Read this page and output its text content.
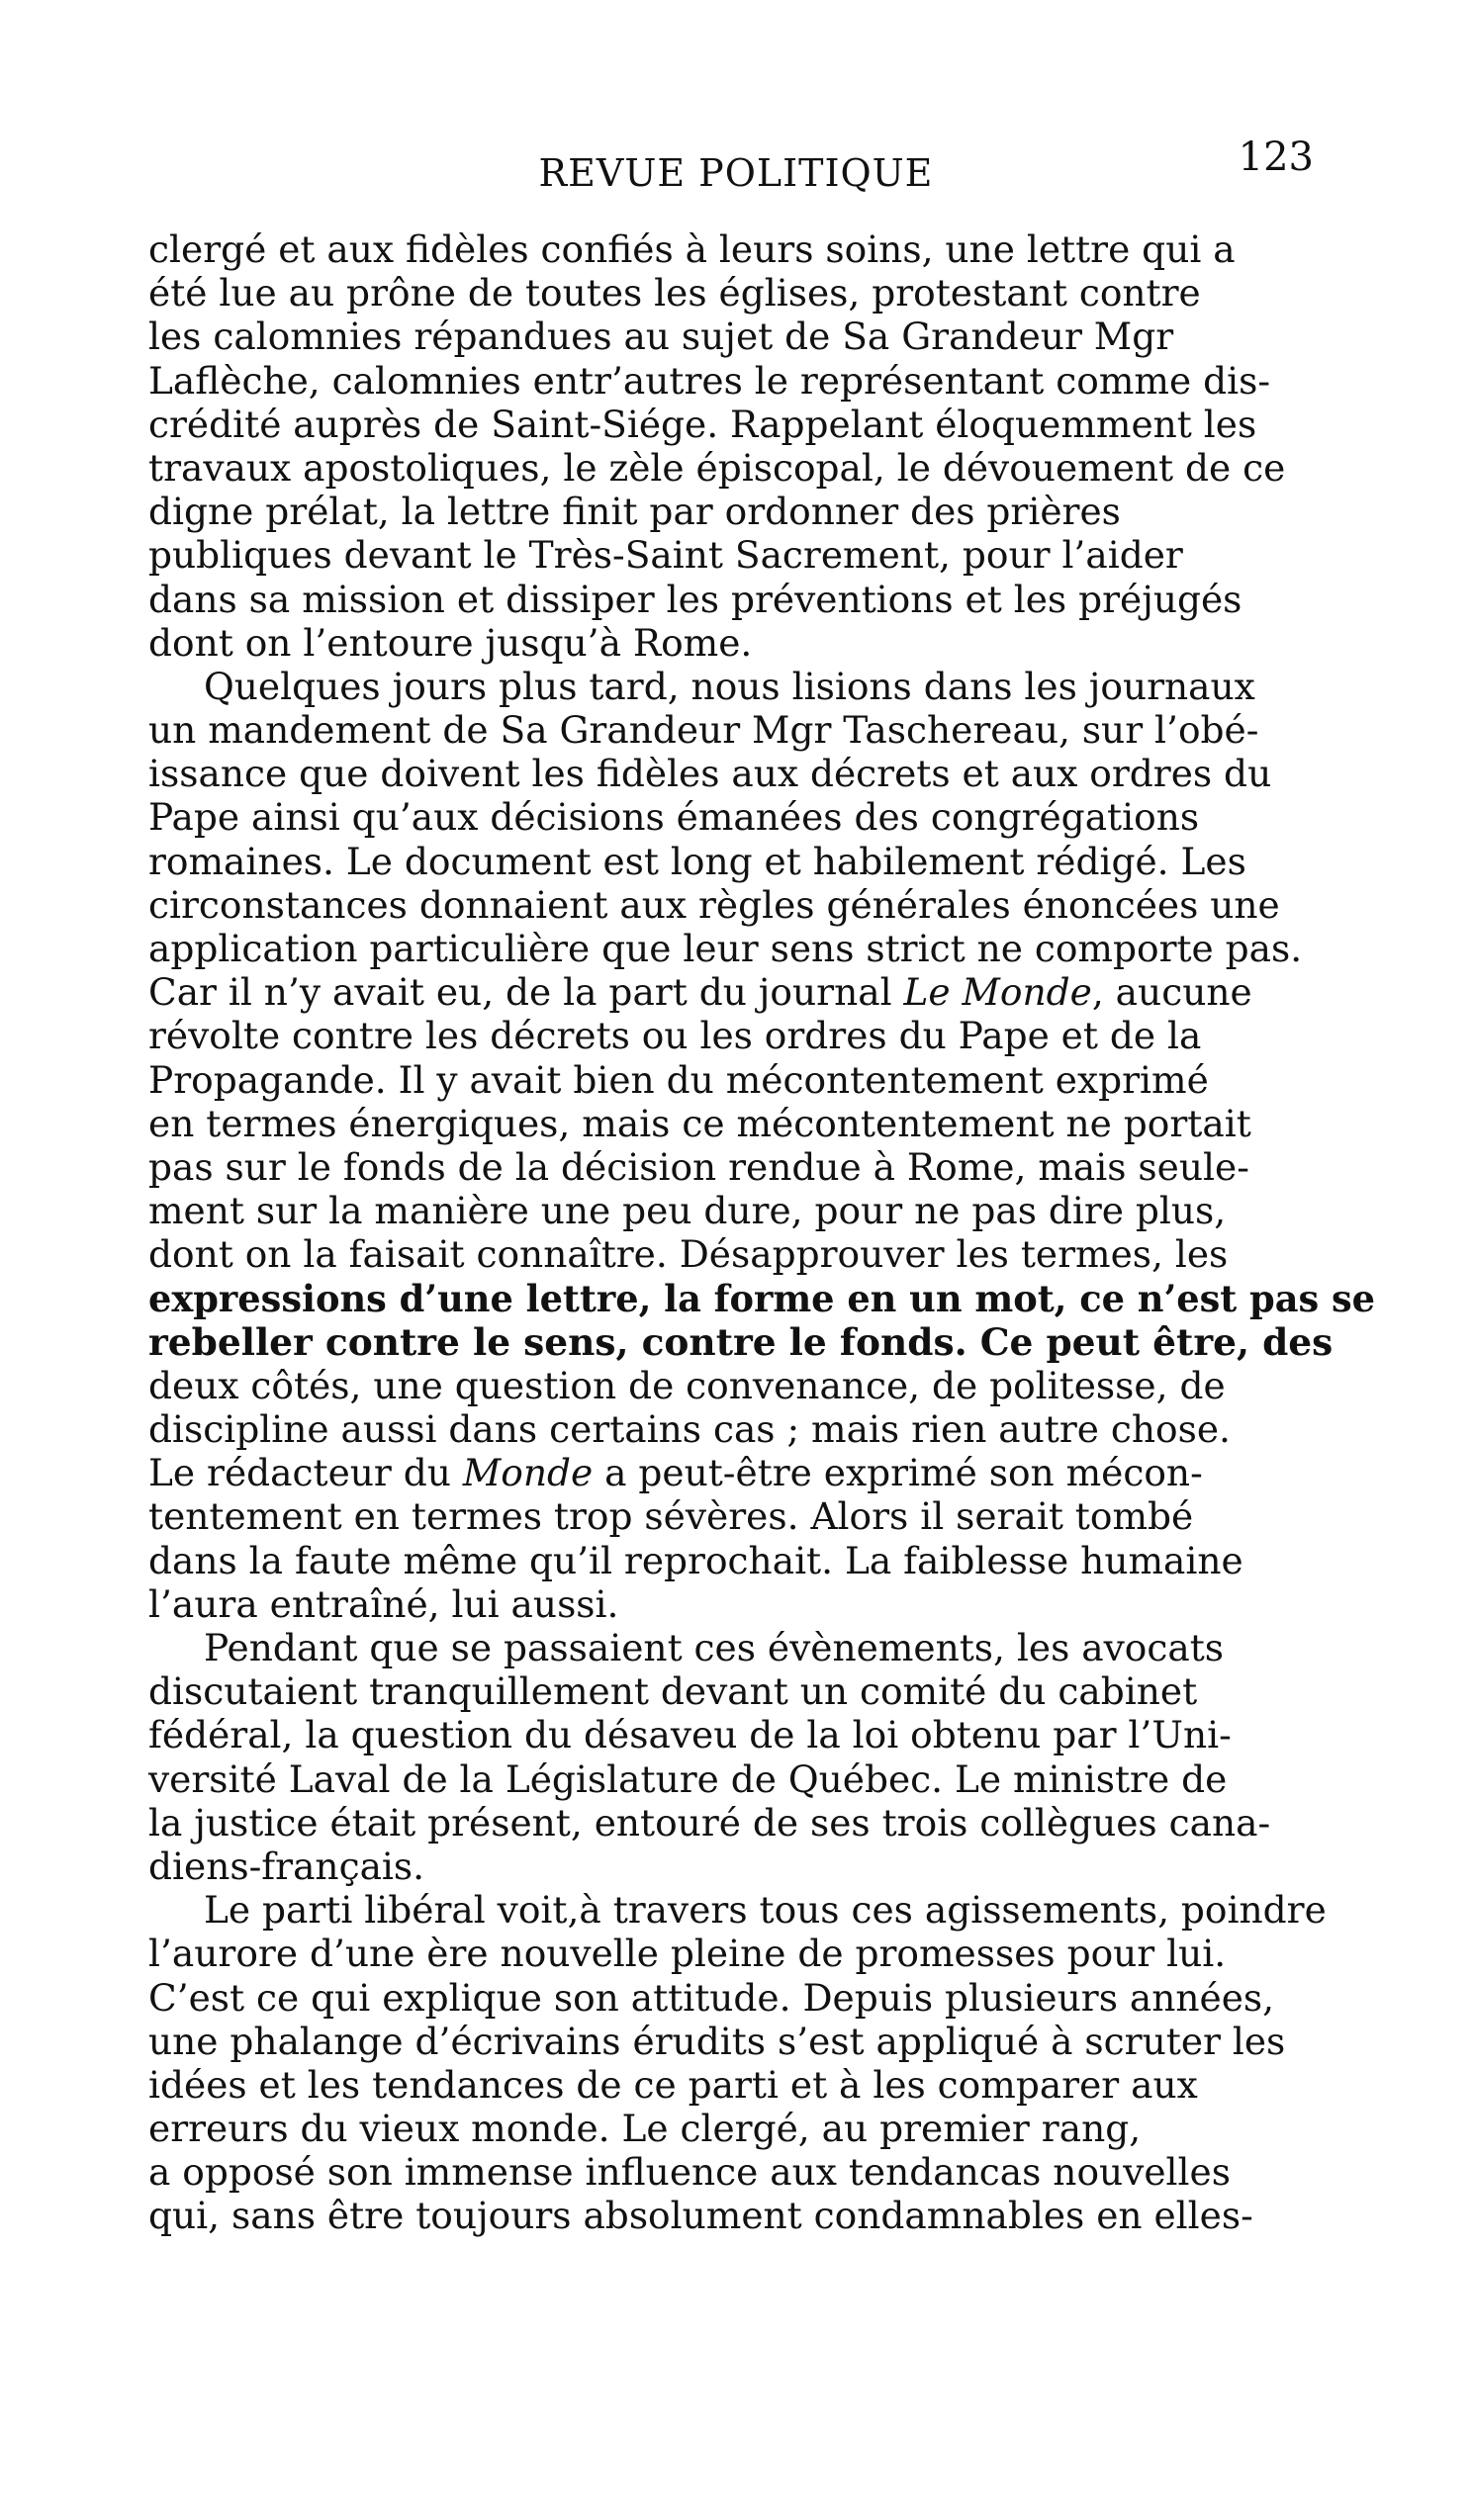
REVUE POLITIQUE	123
clergé et aux fidèles confiés à leurs soins, une lettre qui a
été lue au prône de toutes les églises, protestant contre
les calomnies répandues au sujet de Sa Grandeur Mgr
Laflèche, calomnies entr’autres le représentant comme dis-
crédité auprès de Saint-Siége. Rappelant éloquemment les
travaux apostoliques, le zèle épiscopal, le dévouement de ce
digne prélat, la lettre finit par ordonner des prières
publiques devant le Très-Saint Sacrement, pour l’aider
dans sa mission et dissiper les préventions et les préjugés
dont on l’entoure jusqu’à Rome.
Quelques jours plus tard, nous lisions dans les journaux
un mandement de Sa Grandeur Mgr Taschereau, sur l’obé-
issance que doivent les fidèles aux décrets et aux ordres du
Pape ainsi qu’aux décisions émanées des congrégations
romaines. Le document est long et habilement rédigé. Les
circonstances donnaient aux règles générales énoncées une
application particulière que leur sens strict ne comporte pas.
Car il n’y avait eu, de la part du journal Le Monde, aucune
révolte contre les décrets ou les ordres du Pape et de la
Propagande. Il y avait bien du mécontentement exprimé
en termes énergiques, mais ce mécontentement ne portait
pas sur le fonds de la décision rendue à Rome, mais seule-
ment sur la manière une peu dure, pour ne pas dire plus,
dont on la faisait connaître. Désapprouver les termes, les
expressions d’une lettre, la forme en un mot, ce n’est pas se
rebeller contre le sens, contre le fonds. Ce peut être, des
deux côtés, une question de convenance, de politesse, de
discipline aussi dans certains cas ; mais rien autre chose.
Le rédacteur du Monde a peut-être exprimé son mécon-
tentement en termes trop sévères. Alors il serait tombé
dans la faute même qu’il reprochait. La faiblesse humaine
l’aura entraîné, lui aussi.
Pendant que se passaient ces évènements, les avocats
discutaient tranquillement devant un comité du cabinet
fédéral, la question du désaveu de la loi obtenu par l’Uni-
versité Laval de la Législature de Québec. Le ministre de
la justice était présent, entouré de ses trois collègues cana-
diens-français.
Le parti libéral voit,à travers tous ces agissements, poindre
l’aurore d’une ère nouvelle pleine de promesses pour lui.
C’est ce qui explique son attitude. Depuis plusieurs années,
une phalange d’écrivains érudits s’est appliqué à scruter les
idées et les tendances de ce parti et à les comparer aux
erreurs du vieux monde. Le clergé, au premier rang,
a opposé son immense influence aux tendancas nouvelles
qui, sans être toujours absolument condamnables en elles-
